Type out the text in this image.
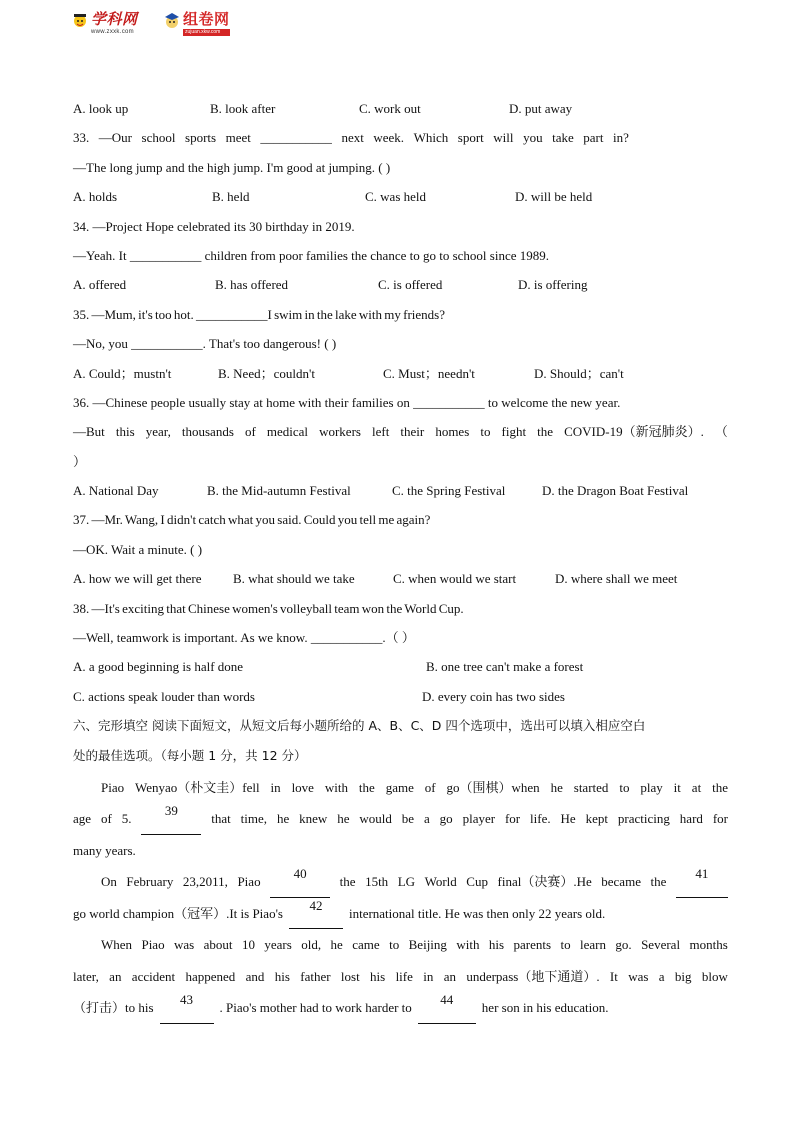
学科网
www.zxxk.com
组卷网
zujuan.xkw.com
A. look up	B. look after	C. work out	D. put away
33. —Our school sports meet ___________ next week. Which sport will you take part in?
—The long jump and the high jump. I'm good at jumping. ( )
A. holds	B. held	C. was held	D. will be held
34. —Project Hope celebrated its 30 birthday in 2019.
—Yeah. It ___________ children from poor families the chance to go to school since 1989.
A. offered	B. has offered	C. is offered	D. is offering
35. —Mum, it's too hot. ___________I swim in the lake with my friends?
—No, you ___________. That's too dangerous! ( )
A. Could；mustn't	B. Need；couldn't	C. Must；needn't	D. Should；can't
36. —Chinese people usually stay at home with their families on ___________ to welcome the new year.
—But this year, thousands of medical workers left their homes to fight the COVID-19（新冠肺炎）. （
）
A. National Day	B. the Mid-autumn Festival	C. the Spring Festival	D. the Dragon Boat Festival
37. —Mr. Wang, I didn't catch what you said. Could you tell me again?
—OK. Wait a minute. ( )
A. how we will get there B. what should we take	C. when would we start	D. where shall we meet
38. —It's exciting that Chinese women's volleyball team won the World Cup.
—Well, teamwork is important. As we know. ___________.（ ）
A. a good beginning is half done	B. one tree can't make a forest
C. actions speak louder than words	D. every coin has two sides
六、完形填空 阅读下面短文，从短文后每小题所给的 A、B、C、D 四个选项中，选出可以填入相应空白
处的最佳选项。（每小题 1 分，共 12 分）
Piao Wenyao（朴文圭）fell in love with the game of go（围棋）when he started to play it at the
age of 5.
39
that time, he knew he would be a go player for life. He kept practicing hard for
many years.
On February 23,2011, Piao
40
the 15th LG World Cup final（决赛）.He became the
41
go world champion（冠军）.It is Piao's
42
international title. He was then only 22 years old.
When Piao was about 10 years old, he came to Beijing with his parents to learn go. Several months
later, an accident happened and his father lost his life in an underpass（地下通道）. It was a big blow
（打击）to his
43
. Piao's mother had to work harder to
44
her son in his education.
